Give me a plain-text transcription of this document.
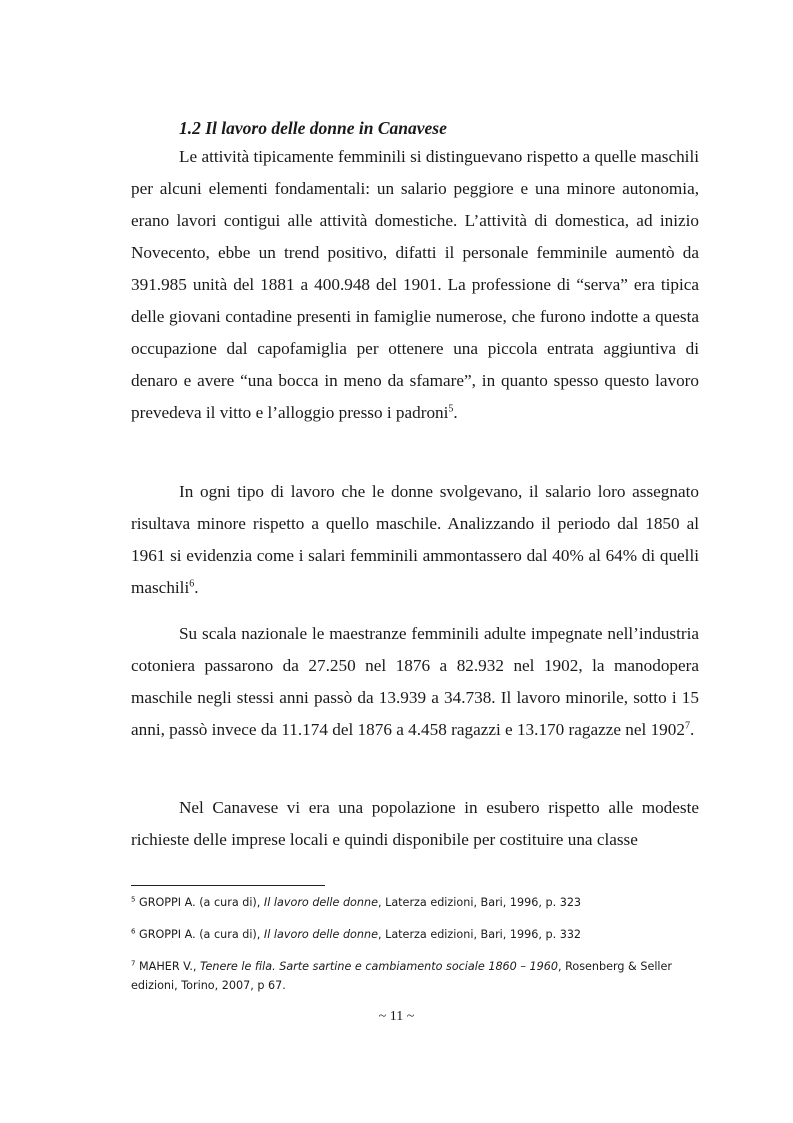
1.2 Il lavoro delle donne in Canavese

Le attività tipicamente femminili si distinguevano rispetto a quelle maschili per alcuni elementi fondamentali: un salario peggiore e una minore autonomia, erano lavori contigui alle attività domestiche. L’attività di domestica, ad inizio Novecento, ebbe un trend positivo, difatti il personale femminile aumentò da 391.985 unità del 1881 a 400.948 del 1901. La professione di “serva” era tipica delle giovani contadine presenti in famiglie numerose, che furono indotte a questa occupazione dal capofamiglia per ottenere una piccola entrata aggiuntiva di denaro e avere “una bocca in meno da sfamare”, in quanto spesso questo lavoro prevedeva il vitto e l’alloggio presso i padroni$^5$.

In ogni tipo di lavoro che le donne svolgevano, il salario loro assegnato risultava minore rispetto a quello maschile. Analizzando il periodo dal 1850 al 1961 si evidenzia come i salari femminili ammontassero dal 40% al 64% di quelli maschili$^6$.

Su scala nazionale le maestranze femminili adulte impegnate nell’industria cotoniera passarono da 27.250 nel 1876 a 82.932 nel 1902, la manodopera maschile negli stessi anni passò da 13.939 a 34.738. Il lavoro minorile, sotto i 15 anni, passò invece da 11.174 del 1876 a 4.458 ragazzi e 13.170 ragazze nel 1902$^7$.

Nel Canavese vi era una popolazione in esubero rispetto alle modeste richieste delle imprese locali e quindi disponibile per costituire una classe

$^5$ GROPPI A. (a cura di), Il lavoro delle donne, Laterza edizioni, Bari, 1996, p. 323
$^6$ GROPPI A. (a cura di), Il lavoro delle donne, Laterza edizioni, Bari, 1996, p. 332
$^7$ MAHER V., Tenere le fila. Sarte sartine e cambiamento sociale 1860 – 1960, Rosenberg & Seller edizioni, Torino, 2007, p 67.
~ 11 ~
